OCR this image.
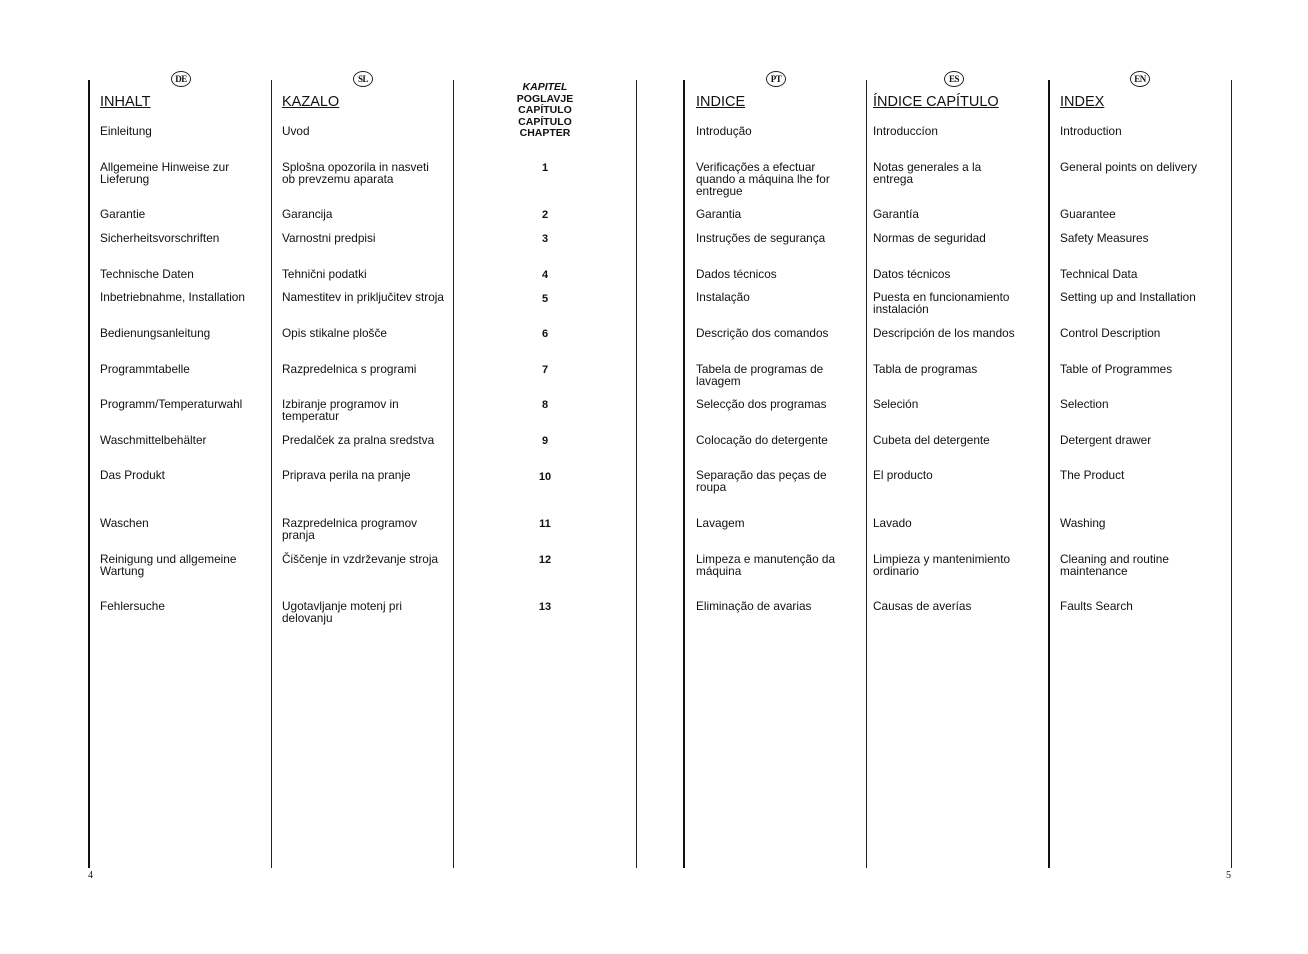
DE
INHALT
Einleitung
Allgemeine Hinweise zur Lieferung
Garantie
Sicherheitsvorschriften
Technische Daten
Inbetriebnahme, Installation
Bedienungsanleitung
Programmtabelle
Programm/Temperaturwahl
Waschmittelbehälter
Das Produkt
Waschen
Reinigung und allgemeine Wartung
Fehlersuche
SL
KAZALO
Uvod
Splošna opozorila in nasveti ob prevzemu aparata
Garancija
Varnostni predpisi
Tehnični podatki
Namestitev in priključitev stroja
Opis stikalne plošče
Razpredelnica s programi
Izbiranje programov in temperatur
Predalček za pralna sredstva
Priprava perila na pranje
Razpredelnica programov pranja
Čiščenje in vzdrževanje stroja
Ugotavljanje motenj pri delovanju
KAPITEL
POGLAVJE
CAPÍTULO
CAPÍTULO
CHAPTER
1
2
3
4
5
6
7
8
9
10
11
12
13
PT
INDICE
Introdução
Verificações a efectuar quando a máquina lhe for entregue
Garantia
Instruções de segurança
Dados técnicos
Instalação
Descrição dos comandos
Tabela de programas de lavagem
Selecção dos programas
Colocação do detergente
Separação das peças de roupa
Lavagem
Limpeza e manutenção da máquina
Eliminação de avarias
ES
ÍNDICE CAPÍTULO
Introduccíon
Notas generales a la entrega
Garantía
Normas de seguridad
Datos técnicos
Puesta en funcionamiento instalación
Descripción de los mandos
Tabla de programas
Seleción
Cubeta del detergente
El producto
Lavado
Limpieza y mantenimiento ordinario
Causas de averías
EN
INDEX
Introduction
General points on delivery
Guarantee
Safety Measures
Technical Data
Setting up and Installation
Control Description
Table of Programmes
Selection
Detergent drawer
The Product
Washing
Cleaning and routine maintenance
Faults Search
4	5
